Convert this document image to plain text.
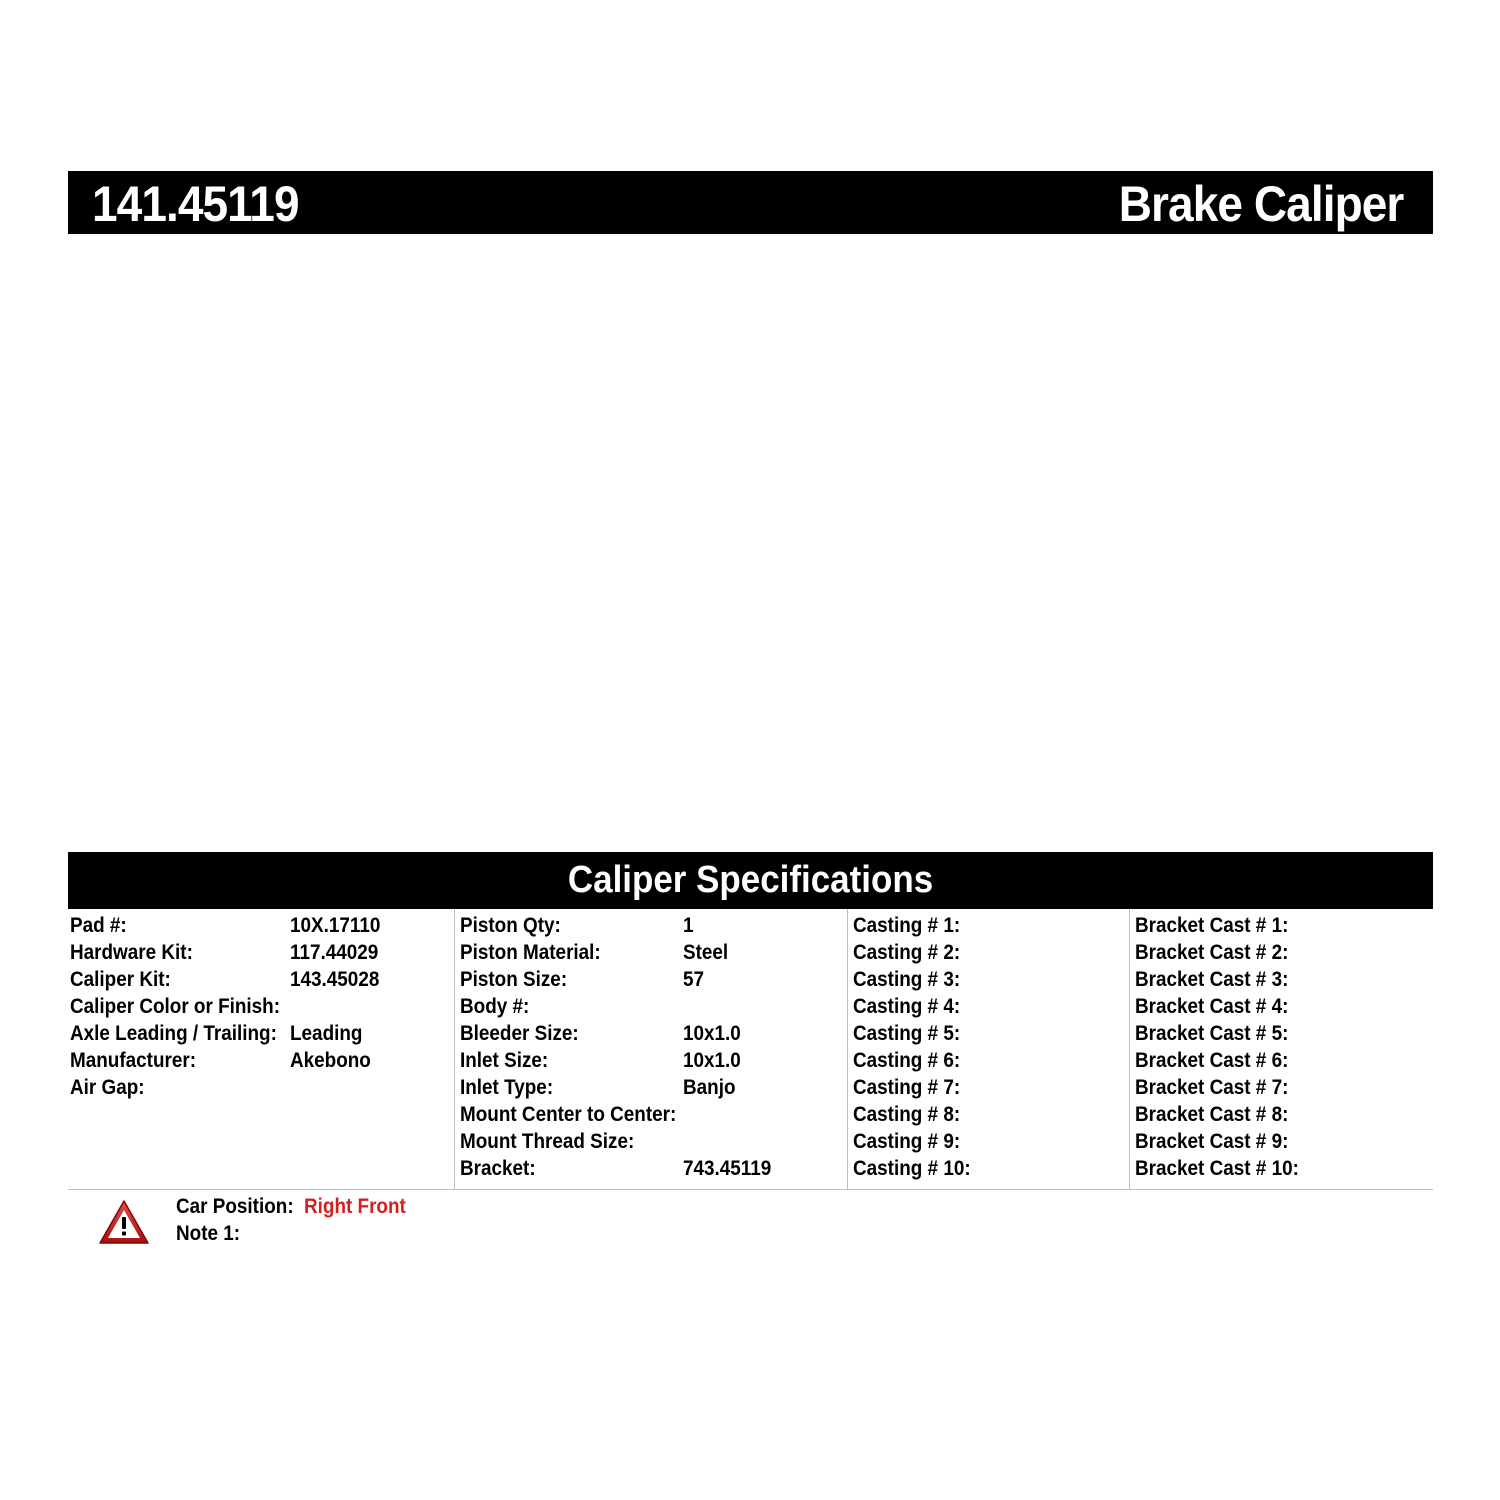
141.45119	Brake Caliper
Caliper Specifications
Pad #:	10X.17110
Hardware Kit:	117.44029
Caliper Kit:	143.45028
Caliper Color or Finish:
Axle Leading / Trailing: Leading
Manufacturer:	Akebono
Air Gap:
Piston Qty:	1
Piston Material:	Steel
Piston Size:	57
Body #:
Bleeder Size:	10x1.0
Inlet Size:	10x1.0
Inlet Type:	Banjo
Mount Center to Center:
Mount Thread Size:
Bracket:	743.45119
Casting # 1:
Casting # 2:
Casting # 3:
Casting # 4:
Casting # 5:
Casting # 6:
Casting # 7:
Casting # 8:
Casting # 9:
Casting # 10:
Bracket Cast # 1:
Bracket Cast # 2:
Bracket Cast # 3:
Bracket Cast # 4:
Bracket Cast # 5:
Bracket Cast # 6:
Bracket Cast # 7:
Bracket Cast # 8:
Bracket Cast # 9:
Bracket Cast # 10:
Car Position: Right Front
Note 1:
